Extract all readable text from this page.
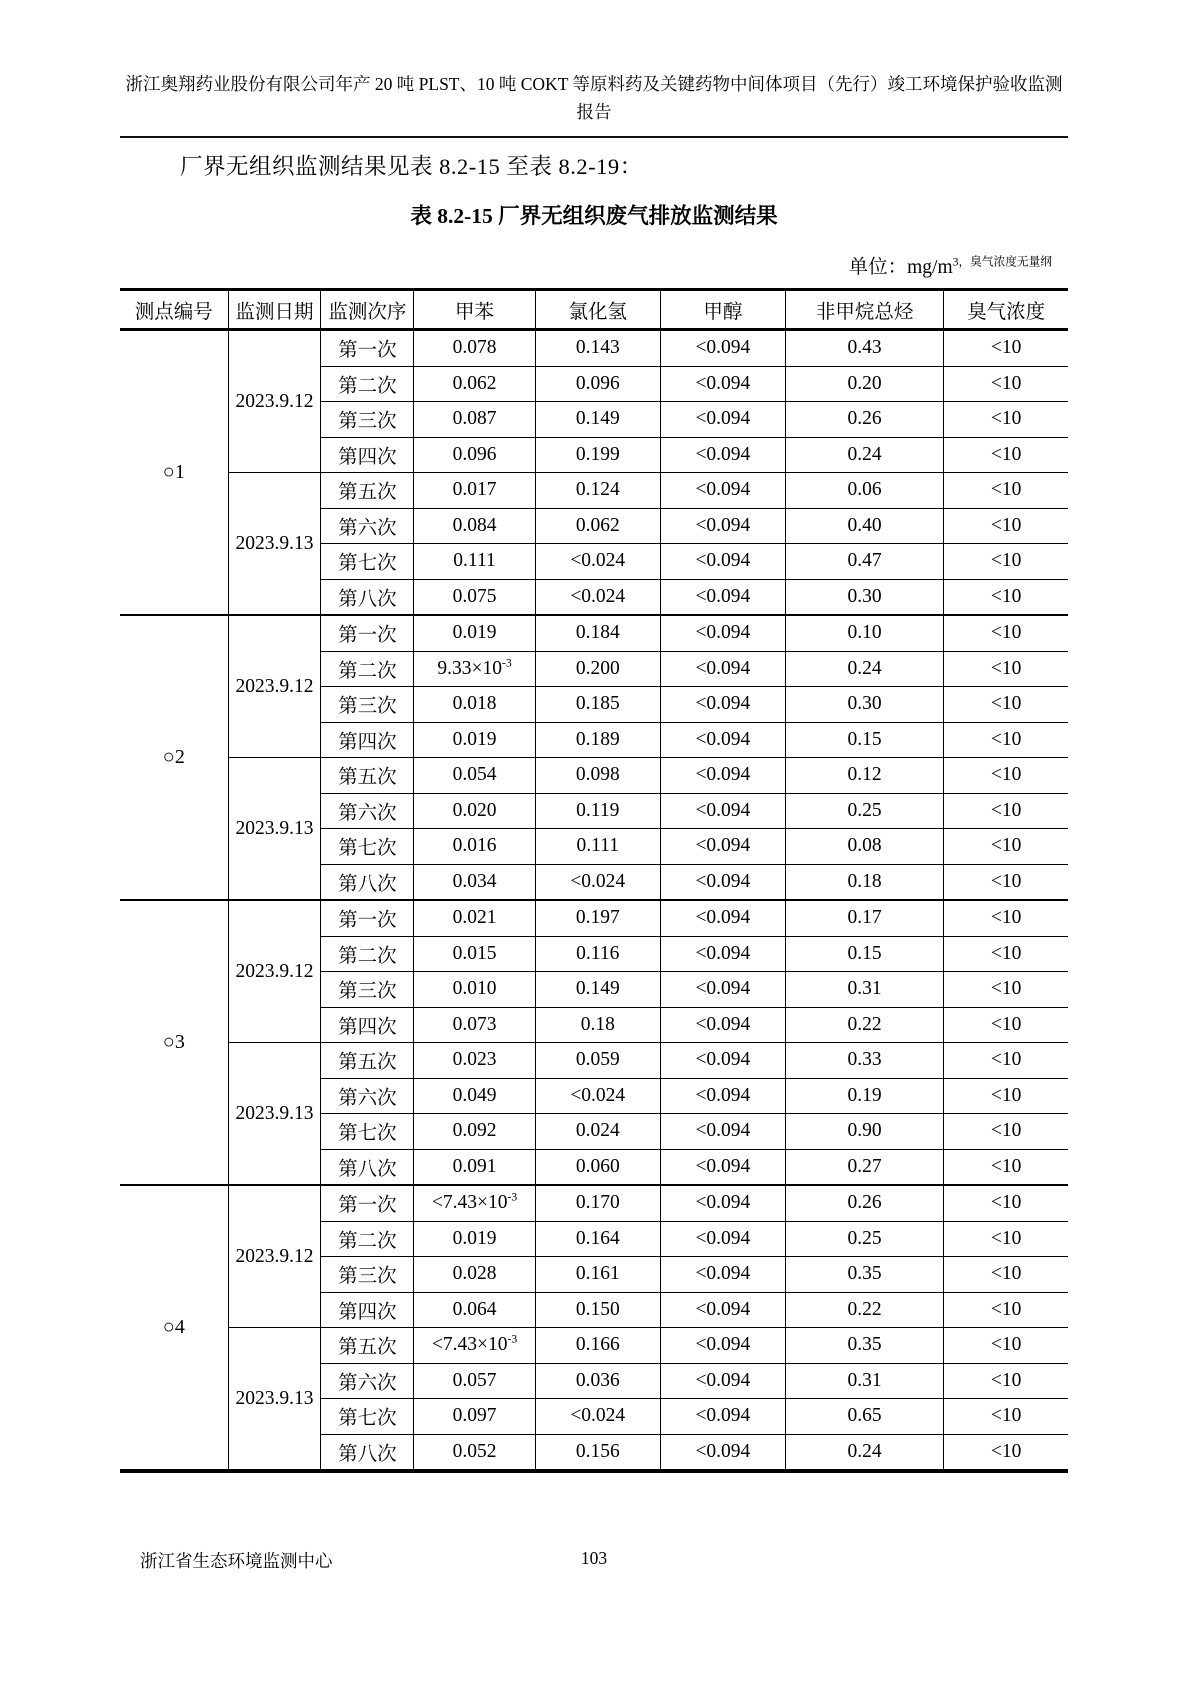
浙江奥翔药业股份有限公司年产 20 吨 PLST、10 吨 COKT 等原料药及关键药物中间体项目（先行）竣工环境保护验收监测报告
厂界无组织监测结果见表 8.2-15 至表 8.2-19：
表 8.2-15 厂界无组织废气排放监测结果
单位：$mg/m^{3,臭气浓度无量纲}$
测点编号	监测日期	监测次序	甲苯	氯化氢	甲醇	非甲烷总烃	臭气浓度
○1	2023.9.12	第一次	0.078	0.143	<0.094	0.43	<10
		第二次	0.062	0.096	<0.094	0.20	<10
		第三次	0.087	0.149	<0.094	0.26	<10
		第四次	0.096	0.199	<0.094	0.24	<10
	2023.9.13	第五次	0.017	0.124	<0.094	0.06	<10
		第六次	0.084	0.062	<0.094	0.40	<10
		第七次	0.111	<0.024	<0.094	0.47	<10
		第八次	0.075	<0.024	<0.094	0.30	<10
○2	2023.9.12	第一次	0.019	0.184	<0.094	0.10	<10
		第二次	$9.33\times 10^{-3}$	0.200	<0.094	0.24	<10
		第三次	0.018	0.185	<0.094	0.30	<10
		第四次	0.019	0.189	<0.094	0.15	<10
	2023.9.13	第五次	0.054	0.098	<0.094	0.12	<10
		第六次	0.020	0.119	<0.094	0.25	<10
		第七次	0.016	0.111	<0.094	0.08	<10
		第八次	0.034	<0.024	<0.094	0.18	<10
○3	2023.9.12	第一次	0.021	0.197	<0.094	0.17	<10
		第二次	0.015	0.116	<0.094	0.15	<10
		第三次	0.010	0.149	<0.094	0.31	<10
		第四次	0.073	0.18	<0.094	0.22	<10
	2023.9.13	第五次	0.023	0.059	<0.094	0.33	<10
		第六次	0.049	<0.024	<0.094	0.19	<10
		第七次	0.092	0.024	<0.094	0.90	<10
		第八次	0.091	0.060	<0.094	0.27	<10
○4	2023.9.12	第一次	$<7.43\times 10^{-3}$	0.170	<0.094	0.26	<10
		第二次	0.019	0.164	<0.094	0.25	<10
		第三次	0.028	0.161	<0.094	0.35	<10
		第四次	0.064	0.150	<0.094	0.22	<10
	2023.9.13	第五次	$<7.43\times 10^{-3}$	0.166	<0.094	0.35	<10
		第六次	0.057	0.036	<0.094	0.31	<10
		第七次	0.097	<0.024	<0.094	0.65	<10
		第八次	0.052	0.156	<0.094	0.24	<10
103
浙江省生态环境监测中心
